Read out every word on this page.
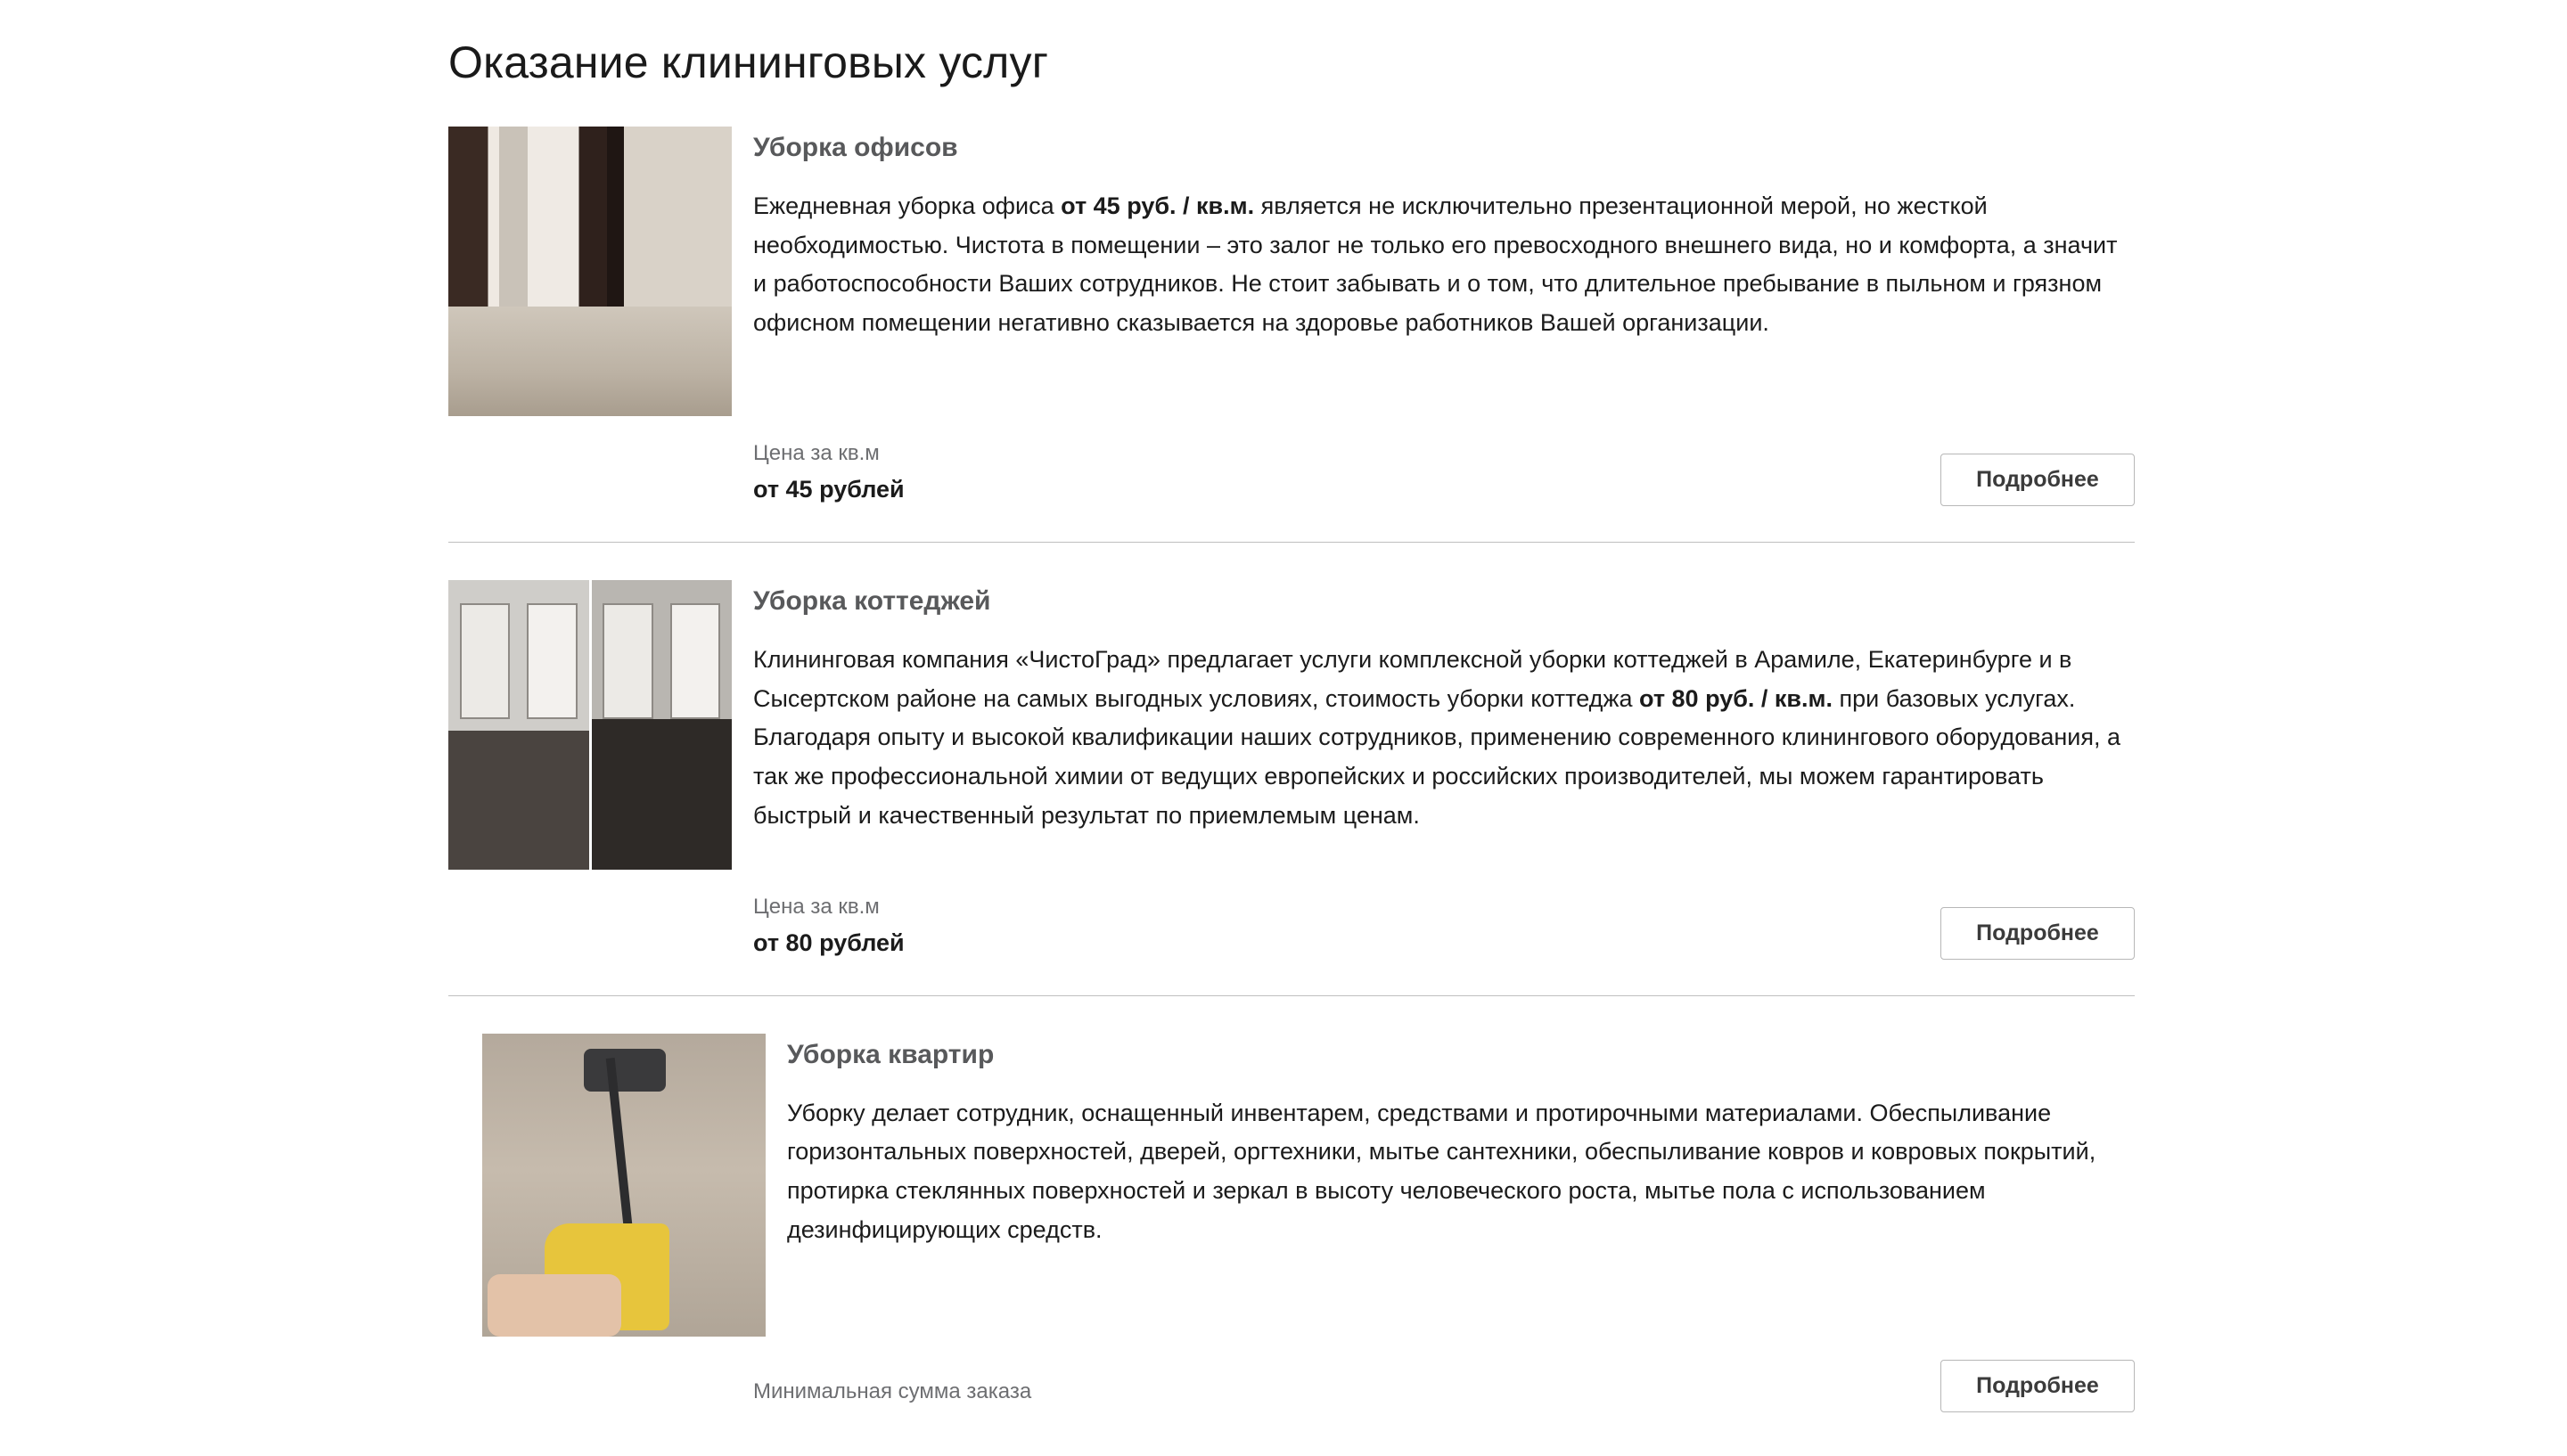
Оказание клининговых услуг
Уборка офисов

Ежедневная уборка офиса от 45 руб. / кв.м. является не исключительно презентационной мерой, но жесткой необходимостью. Чистота в помещении – это залог не только его превосходного внешнего вида, но и комфорта, а значит и работоспособности Ваших сотрудников. Не стоит забывать и о том, что длительное пребывание в пыльном и грязном офисном помещении негативно сказывается на здоровье работников Вашей организации.

Цена за кв.м
от 45 рублей	Подробнее
Уборка коттеджей

Клининговая компания «ЧистоГрад» предлагает услуги комплексной уборки коттеджей в Арамиле, Екатеринбурге и в Сысертском районе на самых выгодных условиях, стоимость уборки коттеджа от 80 руб. / кв.м. при базовых услугах. Благодаря опыту и высокой квалификации наших сотрудников, применению современного клинингового оборудования, а так же профессиональной химии от ведущих европейских и российских производителей, мы можем гарантировать быстрый и качественный результат по приемлемым ценам.

Цена за кв.м
от 80 рублей	Подробнее
Уборка квартир

Уборку делает сотрудник, оснащенный инвентарем, средствами и протирочными материалами. Обеспыливание горизонтальных поверхностей, дверей, оргтехники, мытье сантехники, обеспыливание ковров и ковровых покрытий, протирка стеклянных поверхностей и зеркал в высоту человеческого роста, мытье пола с использованием дезинфицирующих средств.

Минимальная сумма заказа	Подробнее
